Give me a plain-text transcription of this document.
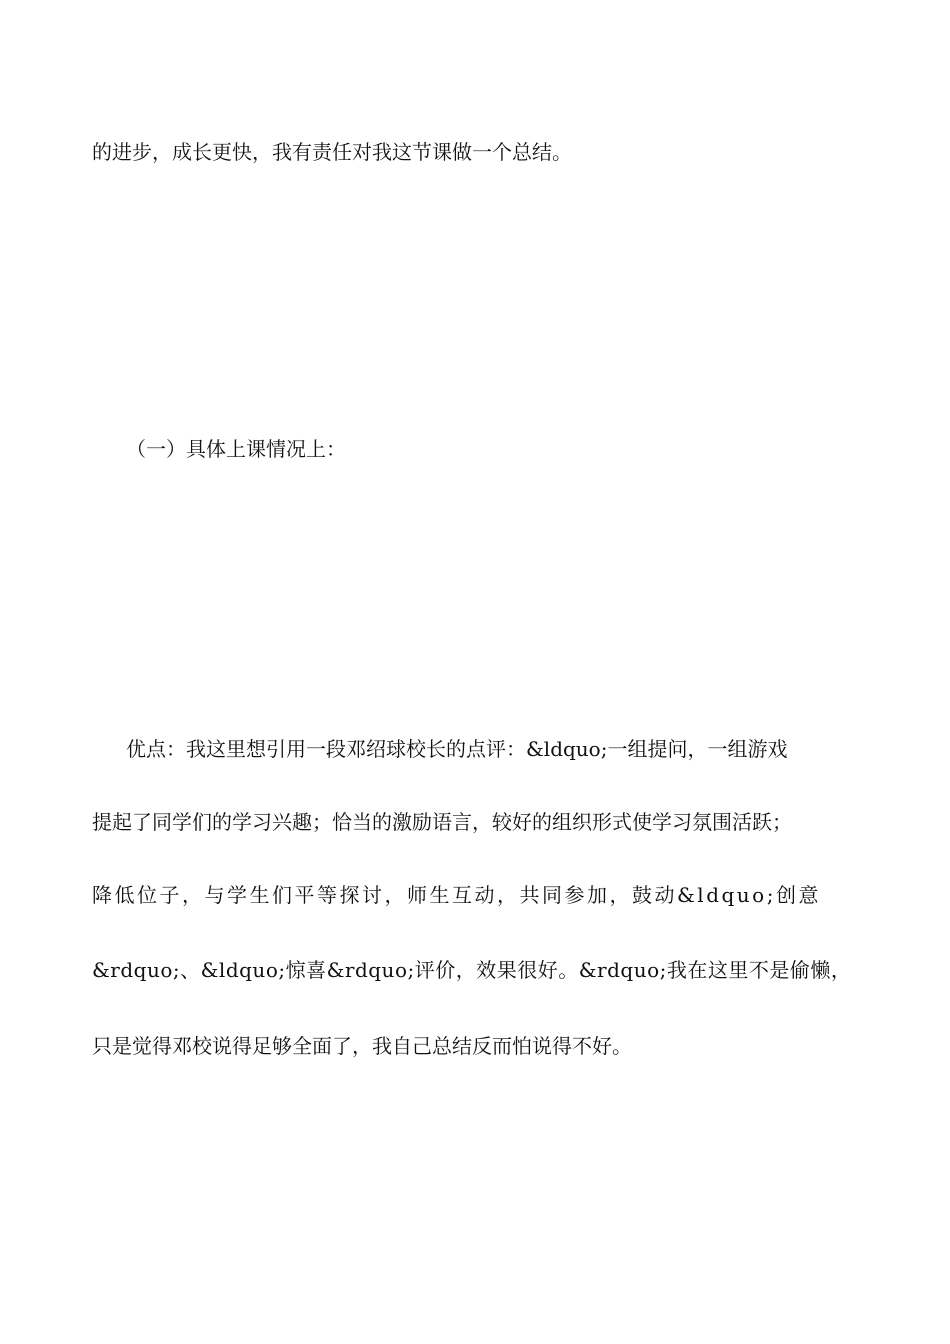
的进步，成长更快，我有责任对我这节课做一个总结。
（一）具体上课情况上：
优点：我这里想引用一段邓绍球校长的点评：&ldquo;一组提问，一组游戏
提起了同学们的学习兴趣；恰当的激励语言，较好的组织形式使学习氛围活跃；
降低位子，与学生们平等探讨，师生互动，共同参加，鼓动&ldquo;创意
&rdquo;、&ldquo;惊喜&rdquo;评价，效果很好。&rdquo;我在这里不是偷懒，
只是觉得邓校说得足够全面了，我自己总结反而怕说得不好。
